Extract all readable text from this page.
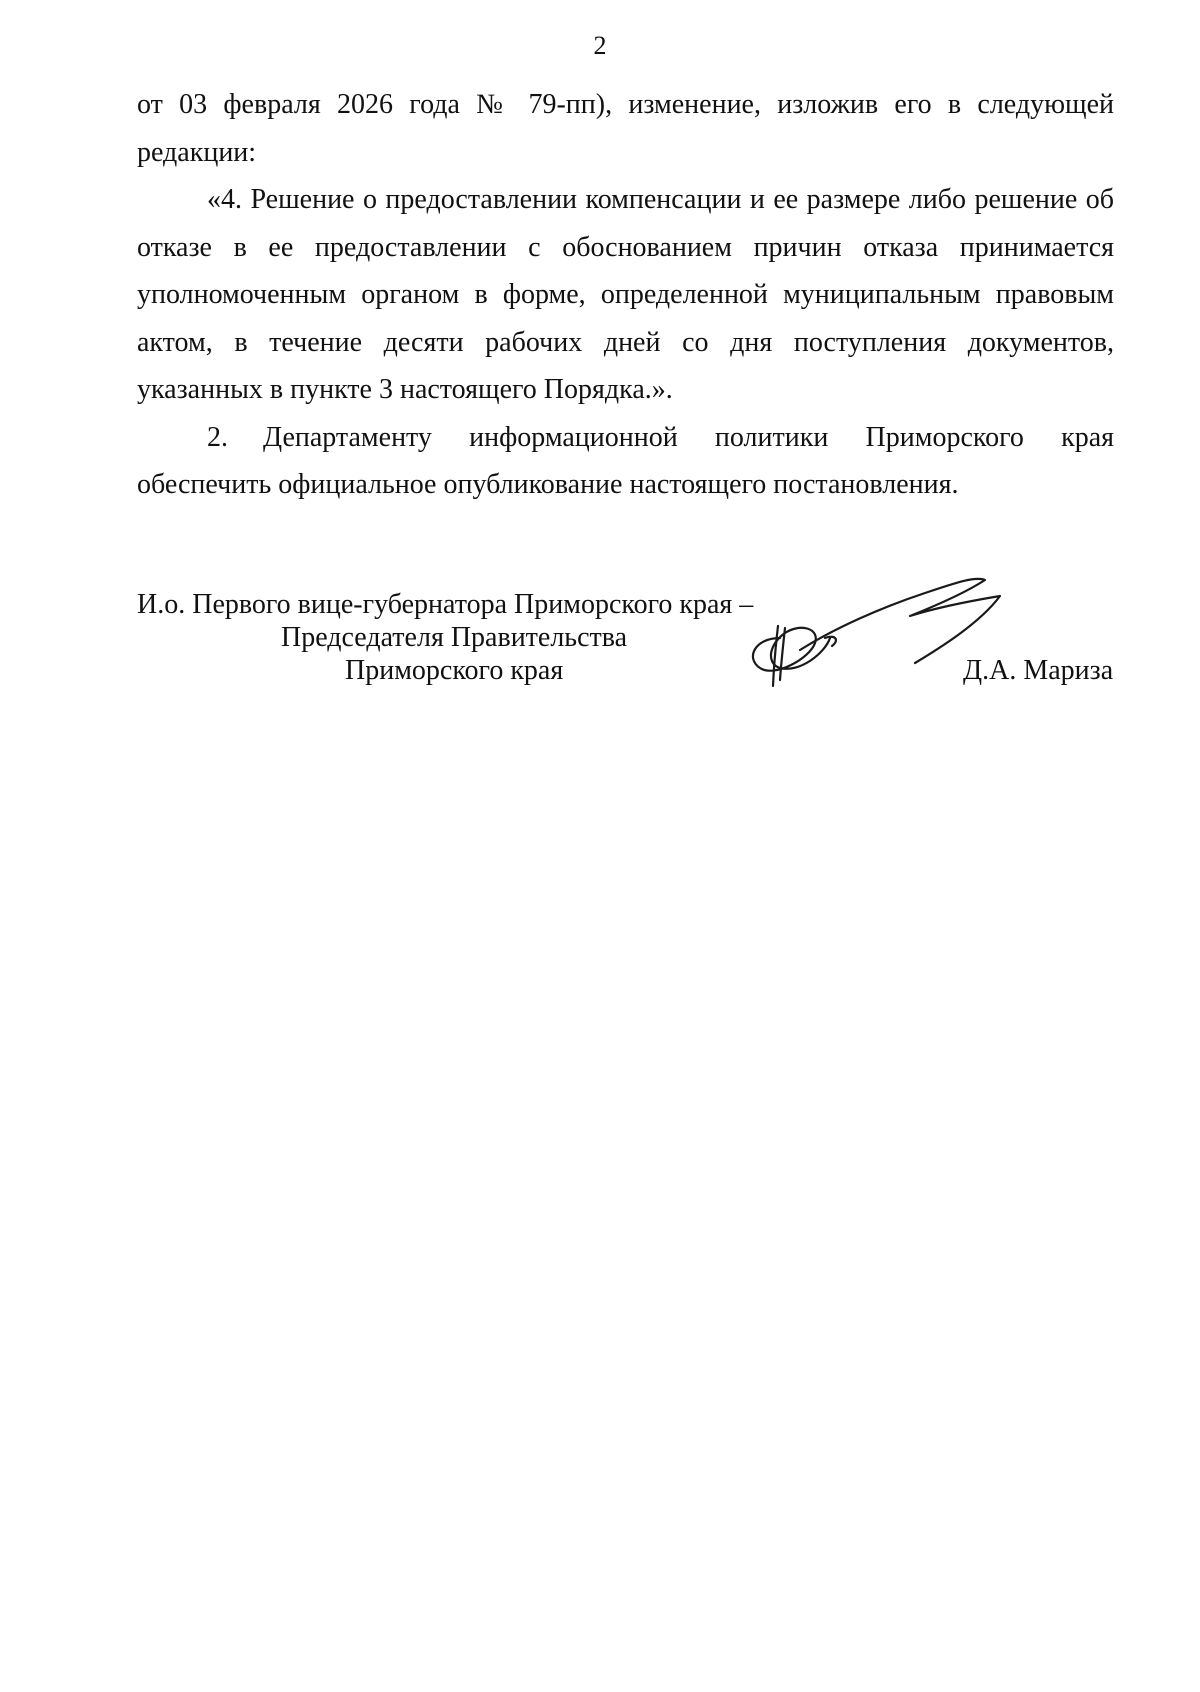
2

от 03 февраля 2026 года № 79-пп), изменение, изложив его в следующей редакции:

«4. Решение о предоставлении компенсации и ее размере либо решение об отказе в ее предоставлении с обоснованием причин отказа принимается уполномоченным органом в форме, определенной муниципальным правовым актом, в течение десяти рабочих дней со дня поступления документов, указанных в пункте 3 настоящего Порядка.».

2. Департаменту информационной политики Приморского края

обеспечить официальное опубликование настоящего постановления.

И.о. Первого вице-губернатора Приморского края –
Председателя Правительства
Приморского края	Д.А. Мариза
